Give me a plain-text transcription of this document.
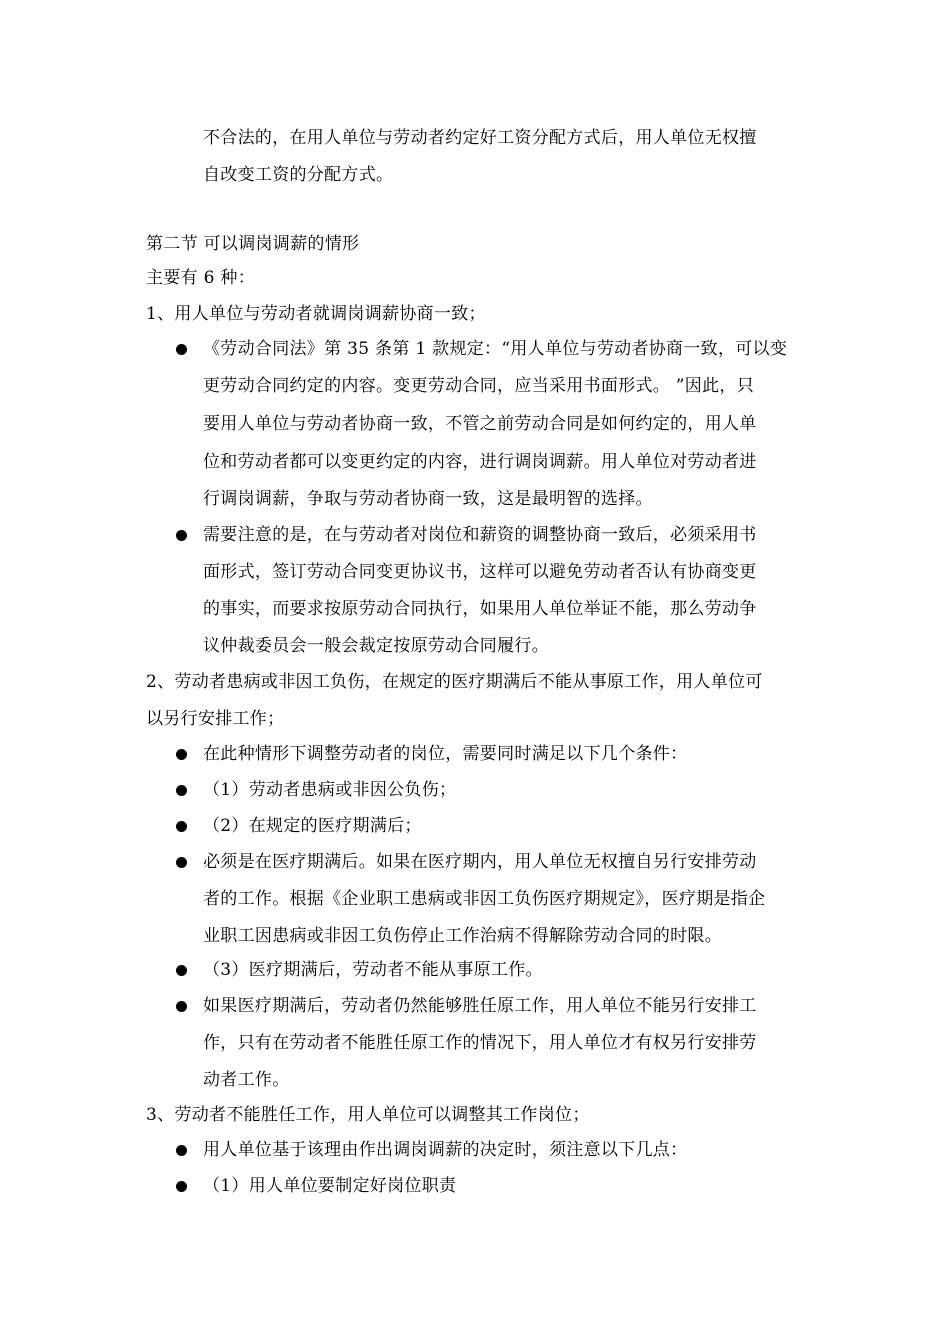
不合法的，在用人单位与劳动者约定好工资分配方式后，用人单位无权擅
自改变工资的分配方式。
第二节 可以调岗调薪的情形
主要有 6 种：
1、用人单位与劳动者就调岗调薪协商一致；
《劳动合同法》第 35 条第 1 款规定：“用人单位与劳动者协商一致，可以变
更劳动合同约定的内容。变更劳动合同，应当采用书面形式。 ”因此，只
要用人单位与劳动者协商一致，不管之前劳动合同是如何约定的，用人单
位和劳动者都可以变更约定的内容，进行调岗调薪。用人单位对劳动者进
行调岗调薪，争取与劳动者协商一致，这是最明智的选择。
需要注意的是，在与劳动者对岗位和薪资的调整协商一致后，必须采用书
面形式，签订劳动合同变更协议书，这样可以避免劳动者否认有协商变更
的事实，而要求按原劳动合同执行，如果用人单位举证不能，那么劳动争
议仲裁委员会一般会裁定按原劳动合同履行。
2、劳动者患病或非因工负伤，在规定的医疗期满后不能从事原工作，用人单位可
以另行安排工作；
在此种情形下调整劳动者的岗位，需要同时满足以下几个条件：
（1）劳动者患病或非因公负伤；
（2）在规定的医疗期满后；
必须是在医疗期满后。如果在医疗期内，用人单位无权擅自另行安排劳动
者的工作。根据《企业职工患病或非因工负伤医疗期规定》，医疗期是指企
业职工因患病或非因工负伤停止工作治病不得解除劳动合同的时限。
（3）医疗期满后，劳动者不能从事原工作。
如果医疗期满后，劳动者仍然能够胜任原工作，用人单位不能另行安排工
作，只有在劳动者不能胜任原工作的情况下，用人单位才有权另行安排劳
动者工作。
3、劳动者不能胜任工作，用人单位可以调整其工作岗位；
用人单位基于该理由作出调岗调薪的决定时，须注意以下几点：
（1）用人单位要制定好岗位职责
